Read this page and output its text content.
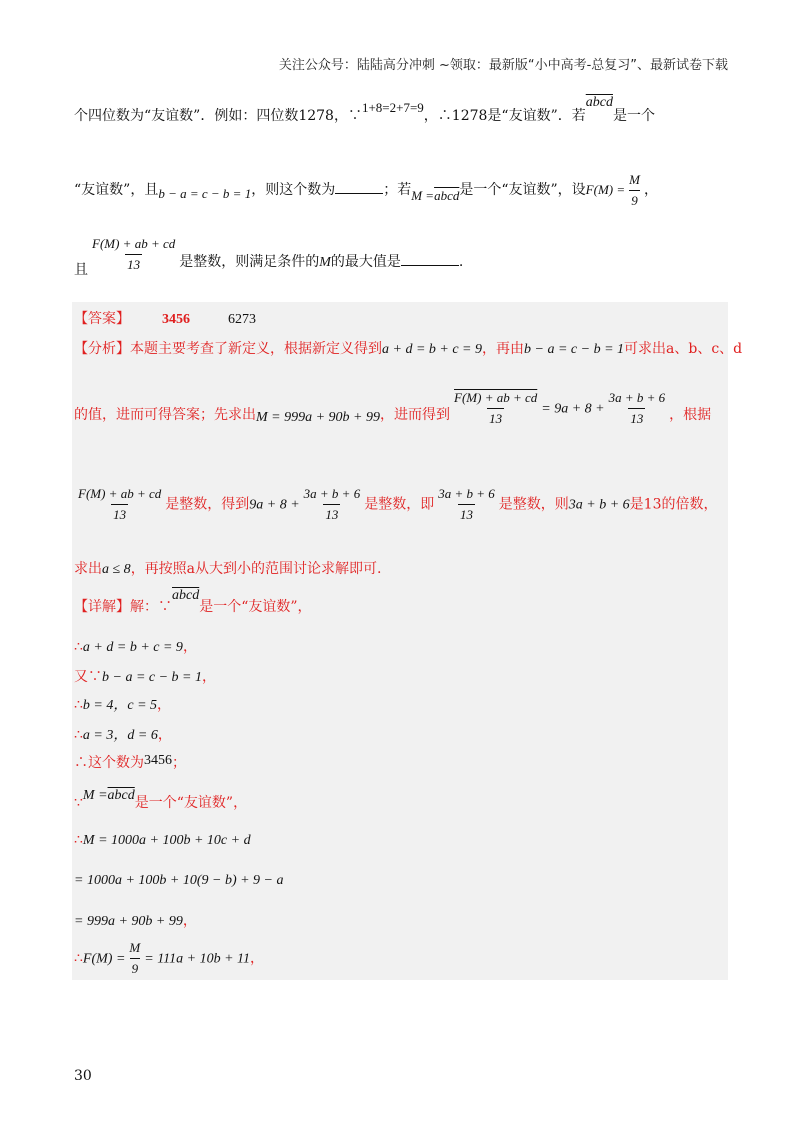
关注公众号：陆陆高分冲刺 ~领取：最新版“小中高考-总复习”、最新试卷下载
个四位数为“友谊数”．例如：四位数1278，∵1+8=2+7=9，∴1278是“友谊数”．若abcd是一个
“友谊数”，且b − a = c − b = 1，则这个数为	；若M =abcd是一个“友谊数”，设$F(M) = \frac{M}{9}$ ，
且 $\frac{F(M) + ab + cd}{13}$ 是整数，则满足条件的M的最大值是	.
【答案】 3456	6273
【分析】本题主要考查了新定义，根据新定义得到a + d = b + c = 9，再由b − a = c − b = 1可求出a、b、c、d
的值，进而可得答案；先求出M = 999a + 90b + 99，进而得到 $\frac{F(M) + ab + cd}{13} = 9a + 8 + \frac{3a + b + 6}{13}$ ，根据
$\frac{F(M) + ab + cd}{13}$ 是整数，得到$9a + 8 + \frac{3a + b + 6}{13}$ 是整数，即 $\frac{3a + b + 6}{13}$ 是整数，则3a + b + 6是13的倍数，
求出a ≤ 8，再按照a从大到小的范围讨论求解即可.
【详解】解：∵abcd是一个“友谊数”，
∴a + d = b + c = 9，
又∵b − a = c − b = 1，
∴b = 4，c = 5，
∴a = 3，d = 6，
∴这个数为3456；
∵M =abcd是一个“友谊数”，
∴M = 1000a + 100b + 10c + d
= 1000a + 100b + 10(9 − b) + 9 − a
= 999a + 90b + 99，
∴F(M) = $\frac{M}{9} = 111a + 10b + 11$，
30
